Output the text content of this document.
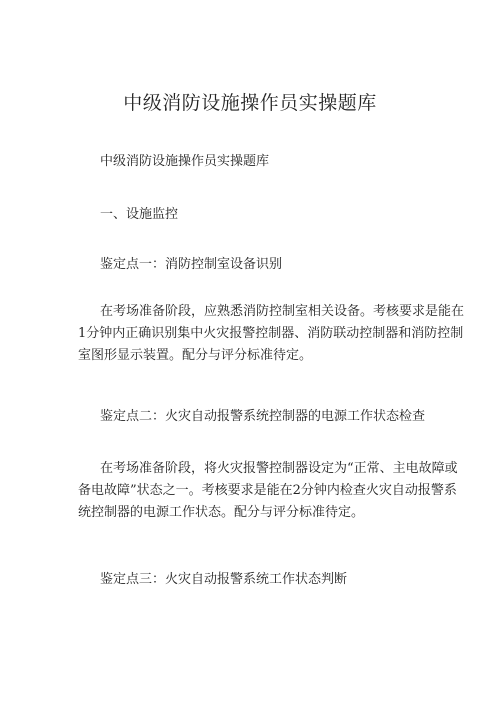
中级消防设施操作员实操题库
中级消防设施操作员实操题库
一、设施监控
鉴定点一：消防控制室设备识别
在考场准备阶段，应熟悉消防控制室相关设备。考核要求是能在
1分钟内正确识别集中火灾报警控制器、消防联动控制器和消防控制
室图形显示装置。配分与评分标准待定。
鉴定点二：火灾自动报警系统控制器的电源工作状态检查
在考场准备阶段，将火灾报警控制器设定为“正常、主电故障或
备电故障”状态之一。考核要求是能在2分钟内检查火灾自动报警系
统控制器的电源工作状态。配分与评分标准待定。
鉴定点三：火灾自动报警系统工作状态判断
